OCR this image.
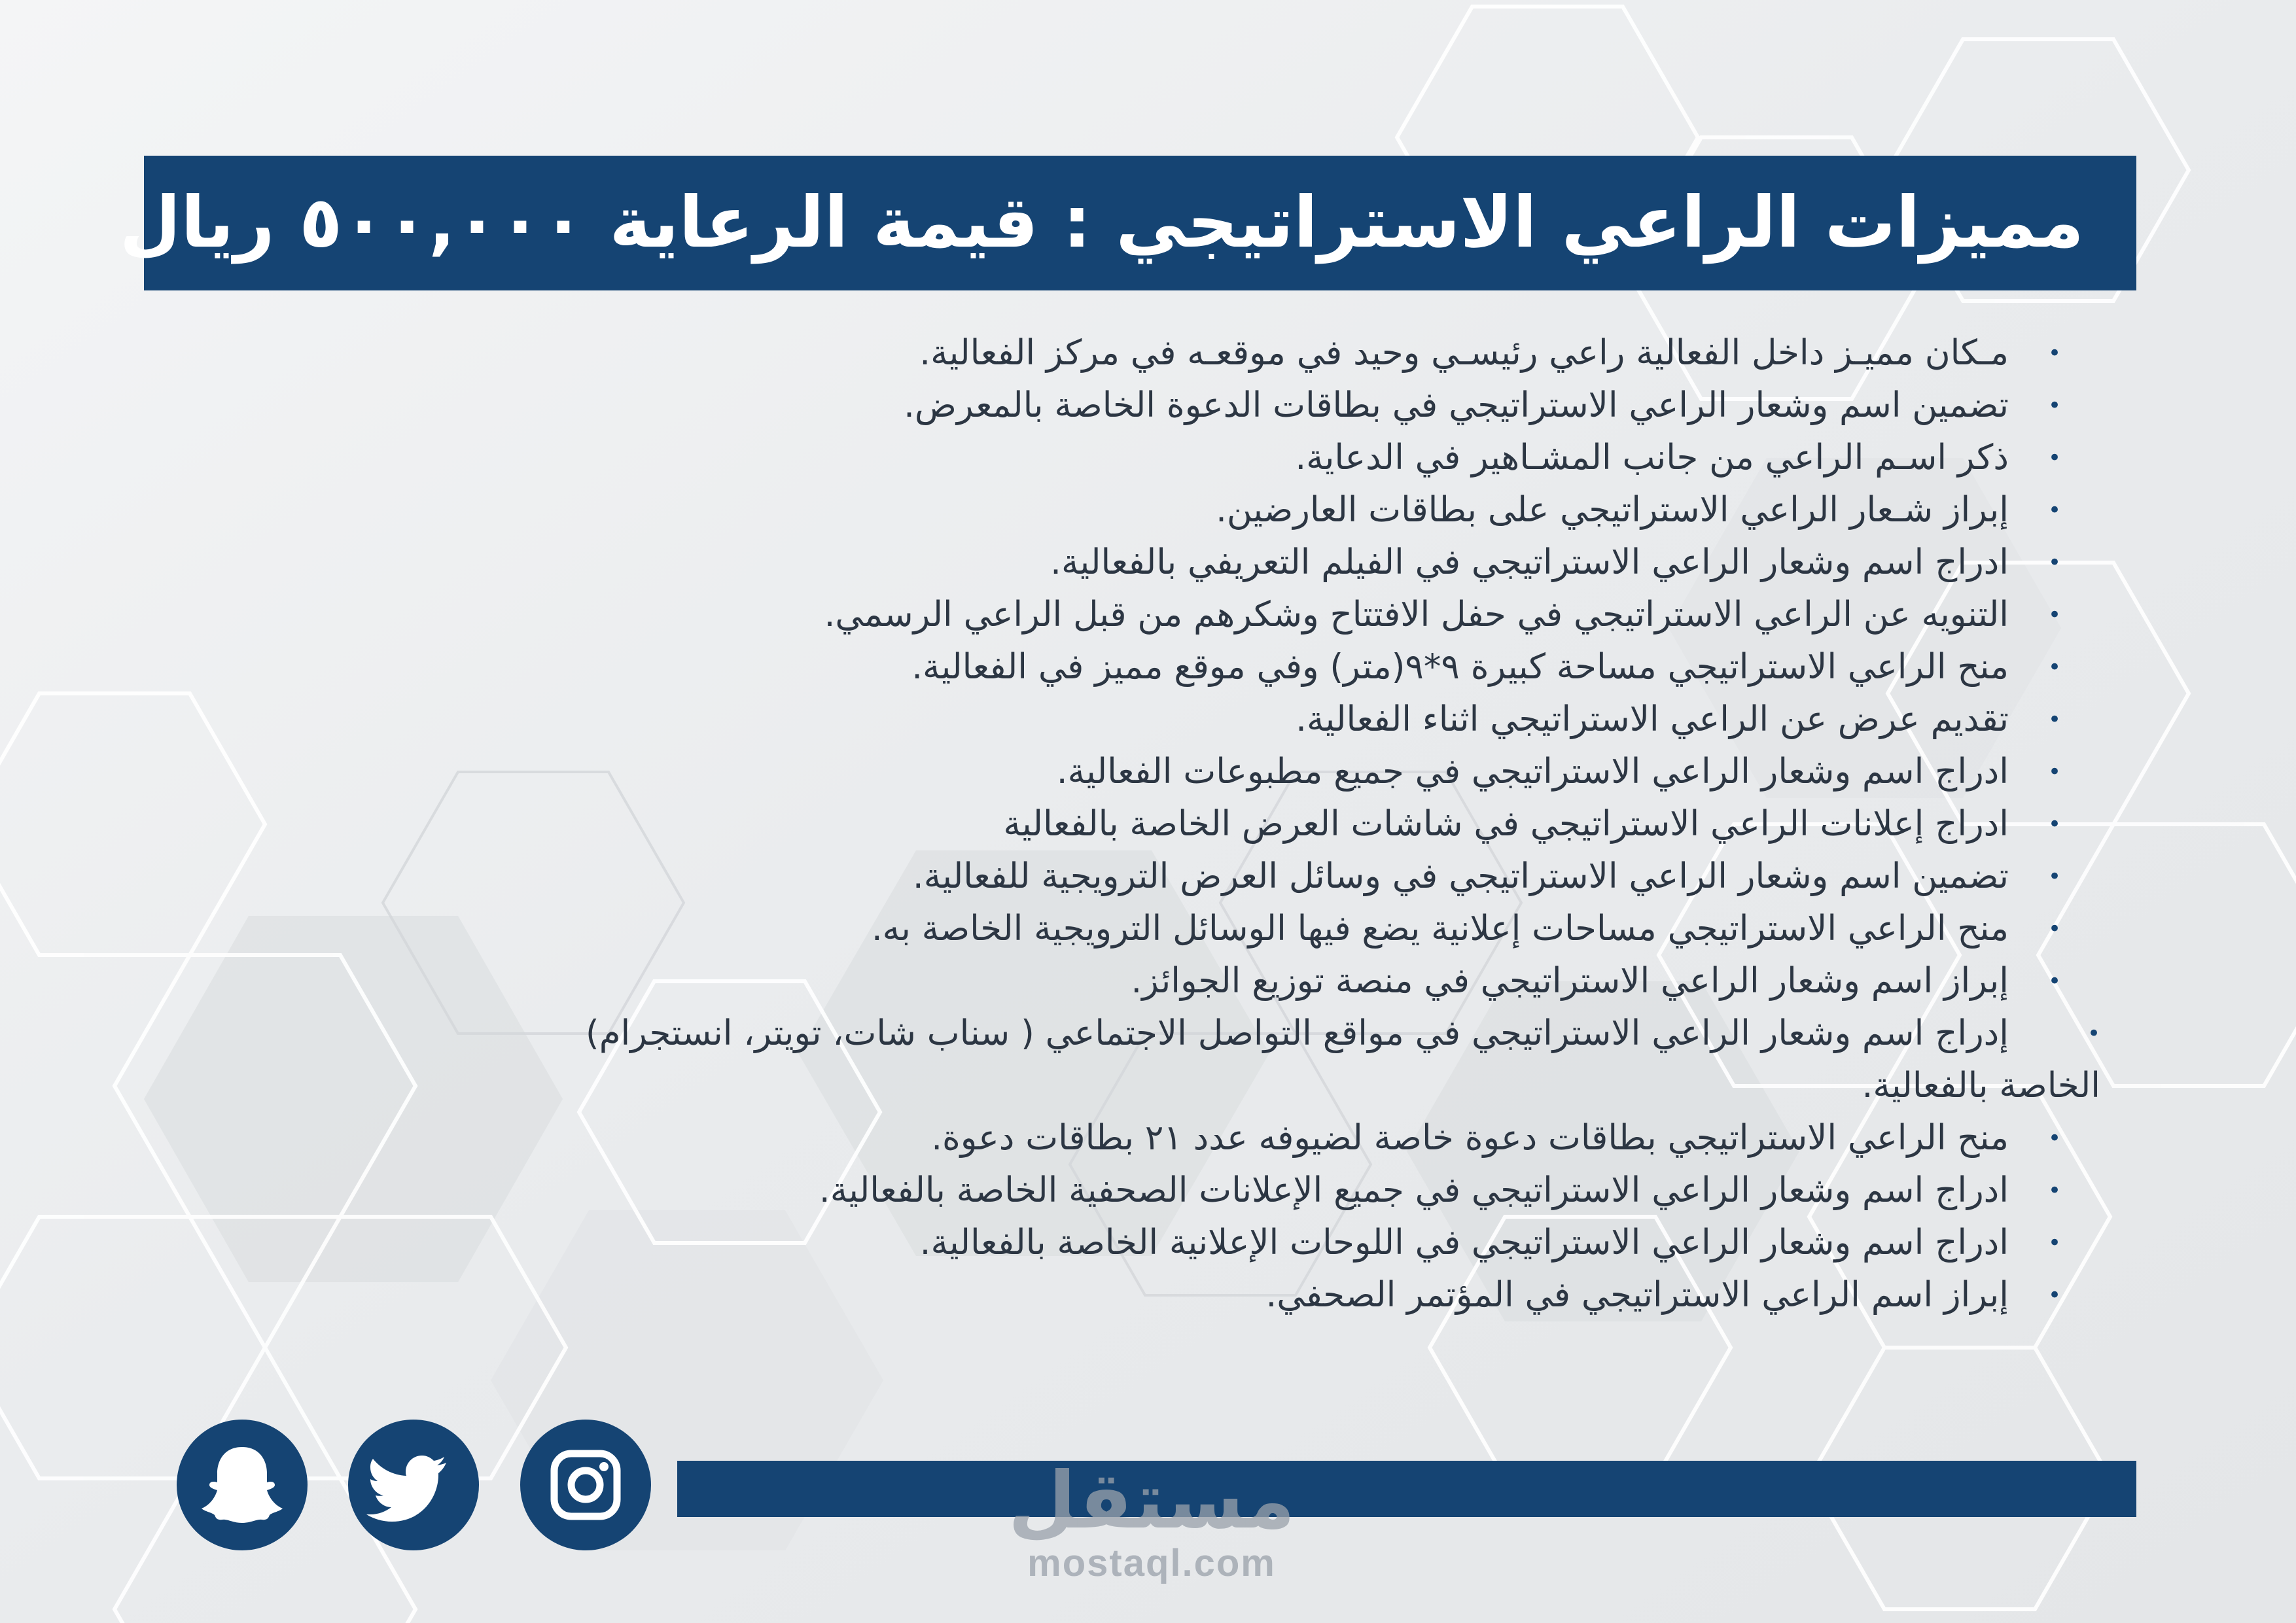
مميزات الراعي الاستراتيجي : قيمة الرعاية ٥٠٠,٠٠٠ ريال
•
مـكان مميـز داخل الفعالية راعي رئيسـي وحيد في موقعـه في مركز الفعالية.
•
تضمين اسم وشعار الراعي الاستراتيجي في بطاقات الدعوة الخاصة بالمعرض.
•
ذكر اسـم الراعي من جانب المشـاهير في الدعاية.
•
إبراز شـعار الراعي الاستراتيجي على بطاقات العارضين.
•
ادراج اسم وشعار الراعي الاستراتيجي في الفيلم التعريفي بالفعالية.
•
التنويه عن الراعي الاستراتيجي في حفل الافتتاح وشكرهم من قبل الراعي الرسمي.
•
منح الراعي الاستراتيجي مساحة كبيرة ٩*٩(متر) وفي موقع مميز في الفعالية.
•
تقديم عرض عن الراعي الاستراتيجي اثناء الفعالية.
•
ادراج اسم وشعار الراعي الاستراتيجي في جميع مطبوعات الفعالية.
•
ادراج إعلانات الراعي الاستراتيجي في شاشات العرض الخاصة بالفعالية
•
تضمين اسم وشعار الراعي الاستراتيجي في وسائل العرض الترويجية للفعالية.
•
منح الراعي الاستراتيجي مساحات إعلانية يضع فيها الوسائل الترويجية الخاصة به.
•
إبراز اسم وشعار الراعي الاستراتيجي في منصة توزيع الجوائز.
•
إدراج اسم وشعار الراعي الاستراتيجي في مواقع التواصل الاجتماعي ( سناب شات، تويتر، انستجرام)
الخاصة بالفعالية.
•
منح الراعي الاستراتيجي بطاقات دعوة خاصة لضيوفه عدد ٢١ بطاقات دعوة.
•
ادراج اسم وشعار الراعي الاستراتيجي في جميع الإعلانات الصحفية الخاصة بالفعالية.
•
ادراج اسم وشعار الراعي الاستراتيجي في اللوحات الإعلانية الخاصة بالفعالية.
•
إبراز اسم الراعي الاستراتيجي في المؤتمر الصحفي.
مستقل
mostaql.com
